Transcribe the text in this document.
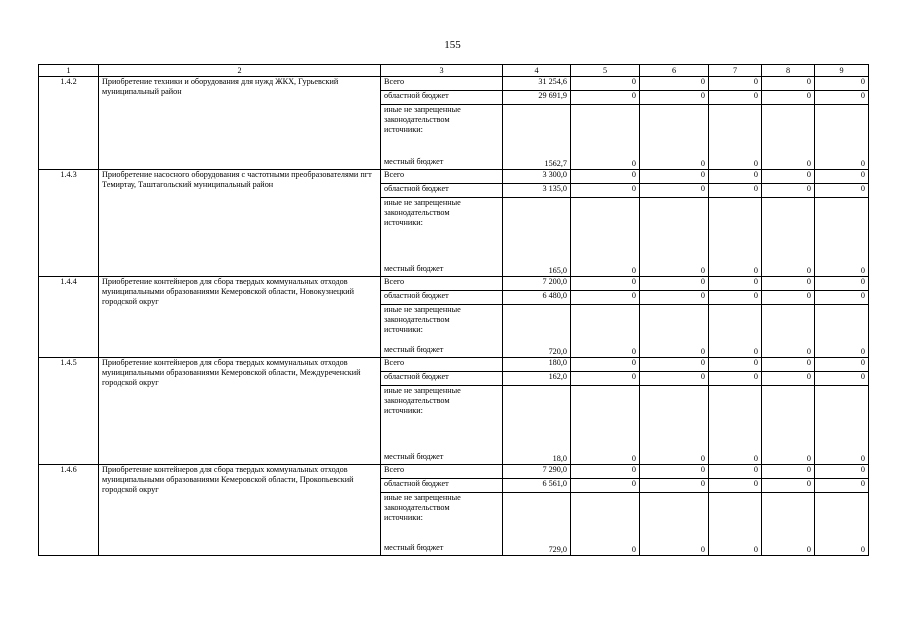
155
1	2	3	4	5	6	7	8	9
1.4.2	Приобретение техники и оборудования для нужд ЖКХ, Гурьевский муниципальный район	Всего	31 254,6	0	0	0	0	0
		областной бюджет	29 691,9	0	0	0	0	0

		иные не запрещенные
законодательством
источники:
местный бюджет	1562,7	0	0	0	0	0
1.4.3	Приобретение насосного оборудования с частотными преобразователями пгт Темиртау, Таштагольский муниципальный район	Всего	3 300,0	0	0	0	0	0
		областной бюджет	3 135,0	0	0	0	0	0

		иные не запрещенные
законодательством
источники:
местный бюджет	165,0	0	0	0	0	0
1.4.4	Приобретение контейнеров для сбора твердых коммунальных отходов муниципальными образованиями Кемеровской области, Новокузнецкий городской округ	Всего	7 200,0	0	0	0	0	0
		областной бюджет	6 480,0	0	0	0	0	0

		иные не запрещенные
законодательством
источники:
местный бюджет	720,0	0	0	0	0	0
1.4.5	Приобретение контейнеров для сбора твердых коммунальных отходов муниципальными образованиями Кемеровской области, Междуреченский городской округ	Всего	180,0	0	0	0	0	0
		областной бюджет	162,0	0	0	0	0	0

		иные не запрещенные
законодательством
источники:
местный бюджет	18,0	0	0	0	0	0
1.4.6	Приобретение контейнеров для сбора твердых коммунальных отходов муниципальными образованиями Кемеровской области, Прокопьевский городской округ	Всего	7 290,0	0	0	0	0	0
		областной бюджет	6 561,0	0	0	0	0	0

		иные не запрещенные
законодательством
источники:
местный бюджет	729,0	0	0	0	0	0
